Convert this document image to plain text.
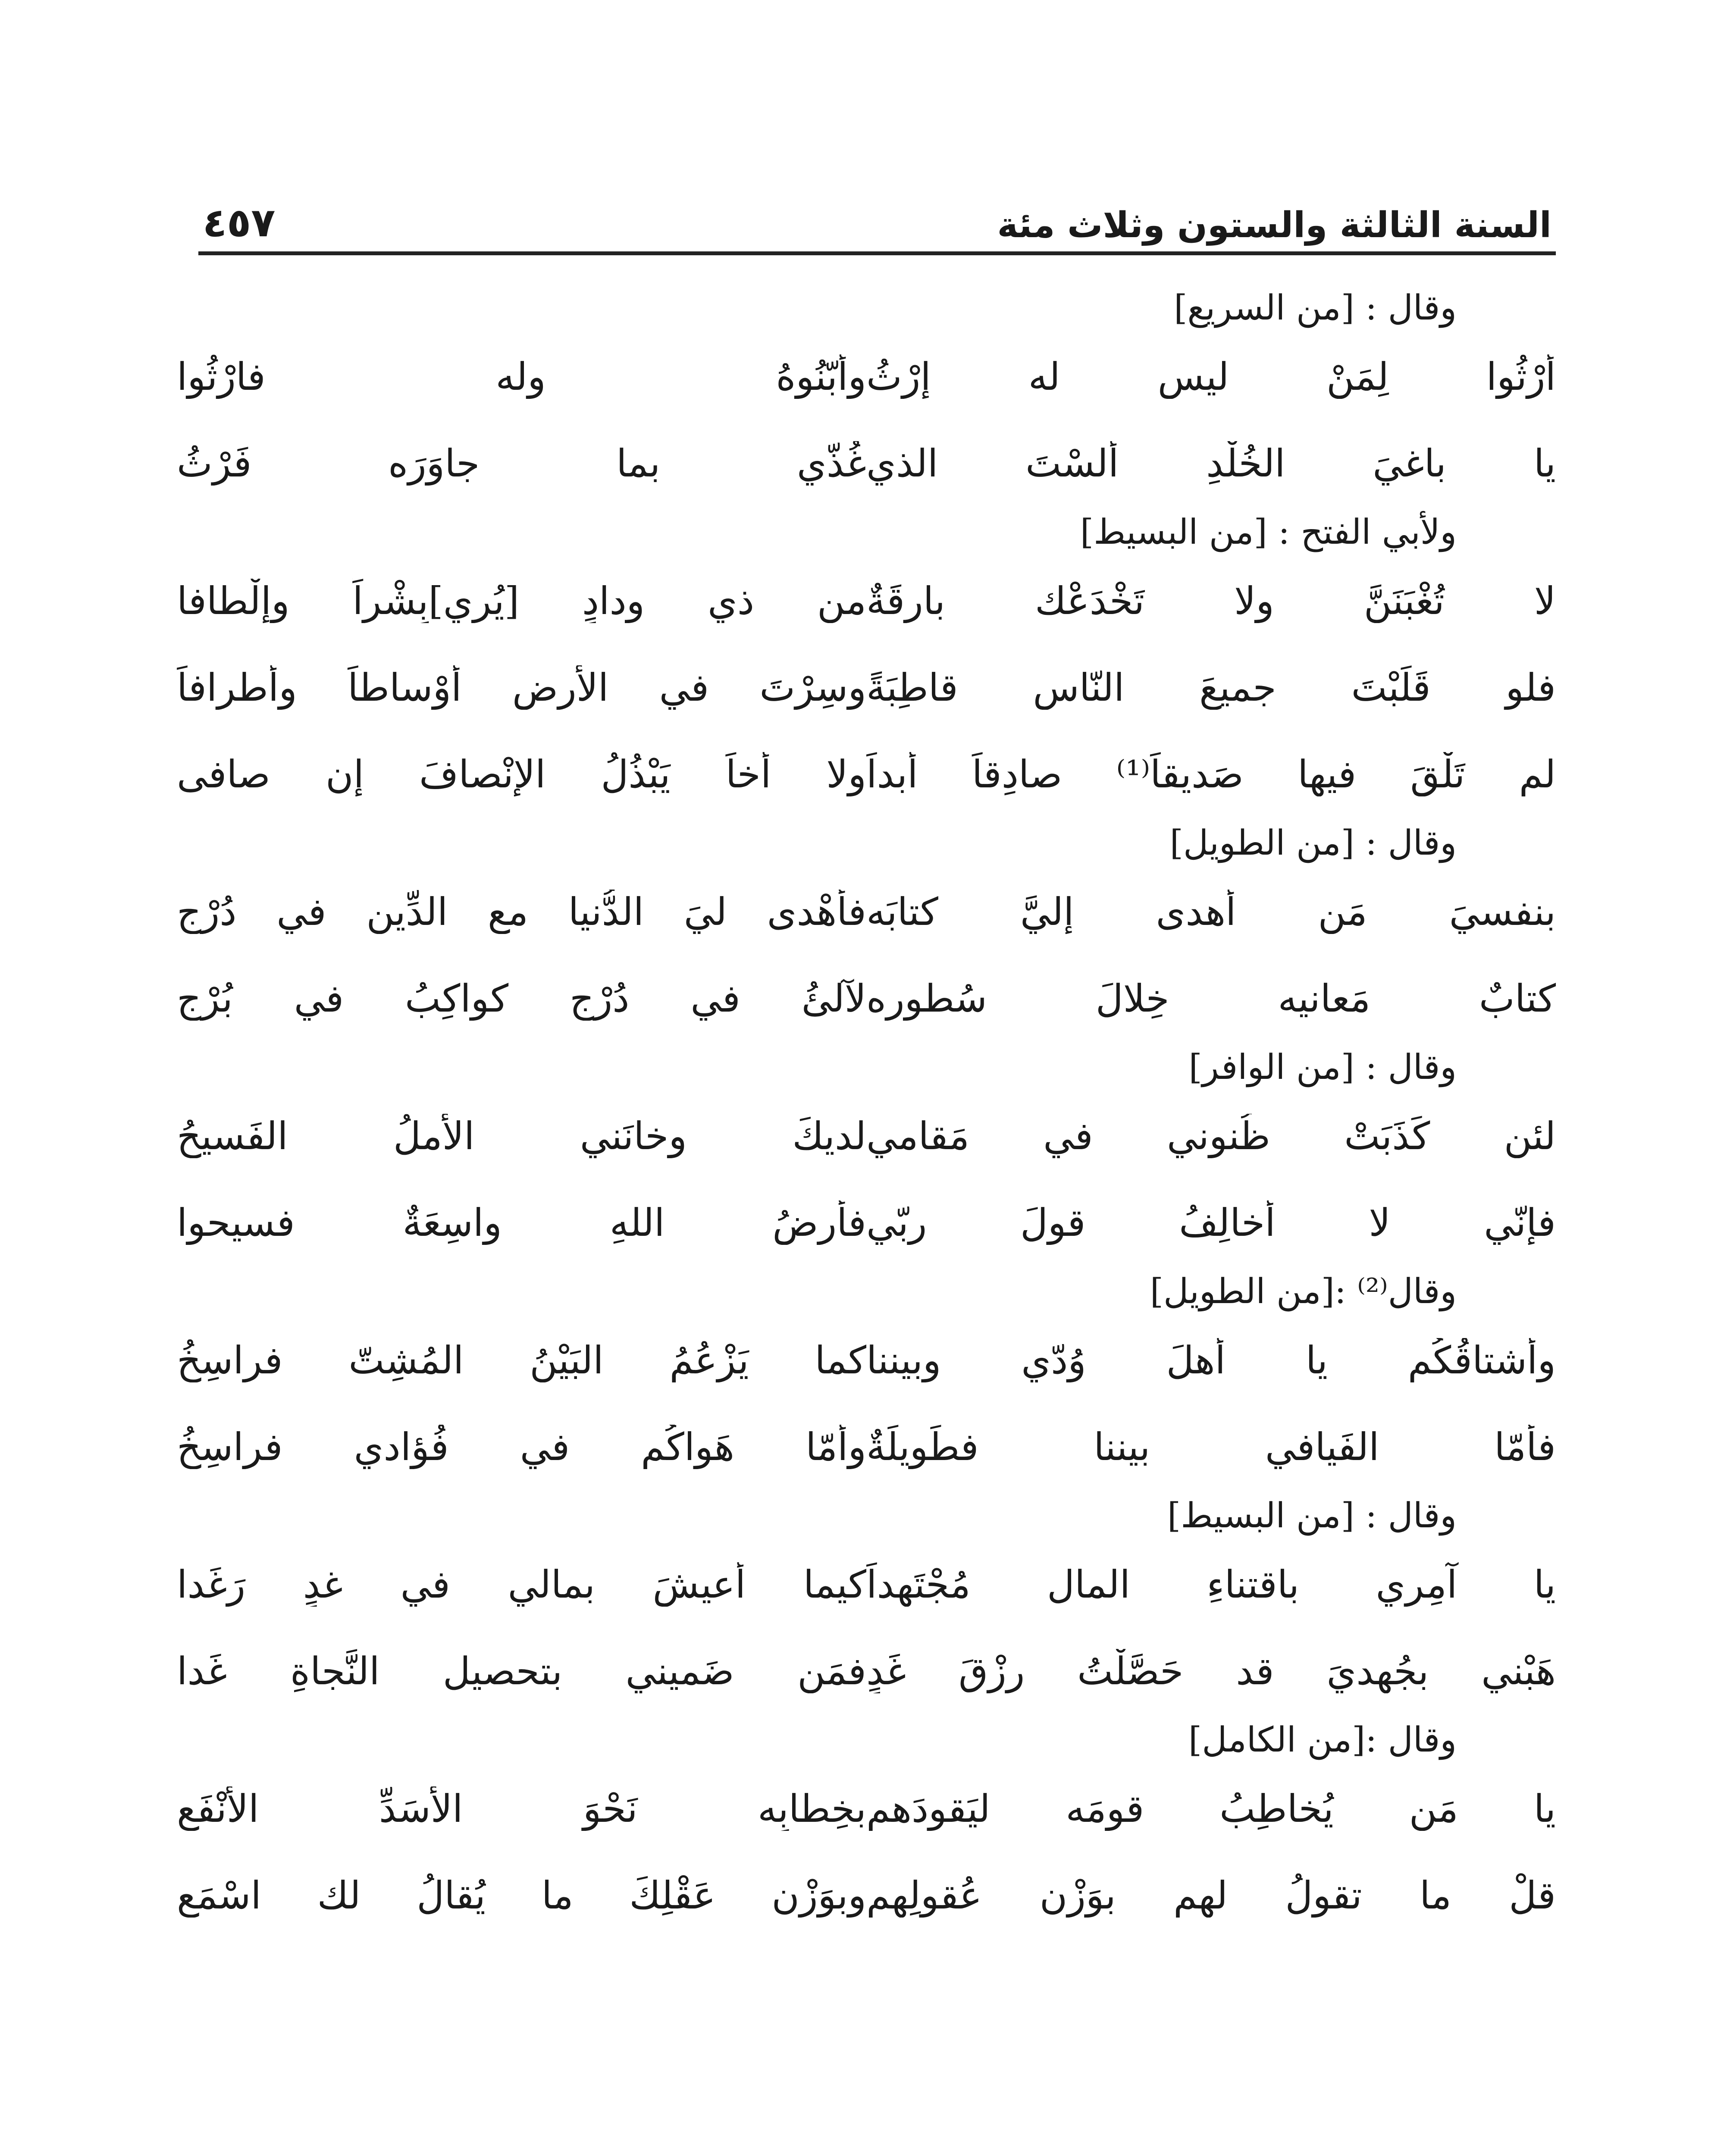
السنة الثالثة والستون وثلاث مئة
٤٥٧
وقال : [من السريع]
أُرْثُوا لِمَنْ ليس له إرْثُ
وأبّنُوهُ وله فارْثُوا
يا باغيَ الخُلْدِ ألسْتَ الذي
غُذّي بما جاوَرَه فَرْثُ
ولأبي الفتح : [من البسيط]
لا تُغْبَنَنَّ ولا تَخْدَعْك بارِقَةٌ
من ذي وِدادٍ [يُري]بِشْراً وإلْطافا
فلو قَلَبْتَ جميعَ النّاسِ قاطِبَةً
وسِرْتَ في الأرضِ أوْساطاً وأطرافاً
لم تَلْقَ فيها صَديقاً⁽¹⁾ صادِقاً أبداً
ولا أخاً يَبْذُلُ الإنْصافَ إن صافى
وقال : [من الطويل]
بنفسيَ مَن أهدى إليَّ كتابَه
فأهْدى ليَ الدُّنيا مع الدِّينِ في دُرْجِ
كتابٌ مَعانيه خِلالَ سُطورِه
لآلئُ في دُرْجٍ كواكِبُ في بُرْجِ
وقال : [من الوافر]
لئن كَذَبَتْ ظُنوني في مَقامي
لديكَ وخانَني الأملُ الفَسيحُ
فإنّي لا أُخالِفُ قولَ ربّي
فأرضُ اللهِ واسِعَةٌ فسيحوا
وقال⁽²⁾ :[من الطويل]
وأشتاقُكُم يا أهلَ وُدّي وبيننا
كما يَزْعُمُ البَيْنُ المُشِتّ فراسِخُ
فأمّا الفَيافي بيننا فطَويلَةٌ
وأمّا هَواكُم في فُؤادي فراسِخُ
وقال : [من البسيط]
يا آمِري باقتناءِ المالِ مُجْتَهِداً
كيما أعيشَ بمالي في غدٍ رَغَدا
هَبْني بجُهديَ قد حَصَّلْتُ رِزْقَ غَدٍ
فمَن ضَميني بتحصيلِ النَّجاةِ غَدا
وقال :[من الكامل]
يا مَن يُخاطِبُ قومَه ليَقودَهم
بخِطابِه نَحْوَ الأسَدِّ الأنْفَعِ
قلْ ما تقولُ لهم بوَزْنِ عُقولِهم
وبوَزْنِ عَقْلِكَ ما يُقالُ لك اسْمَعِ
